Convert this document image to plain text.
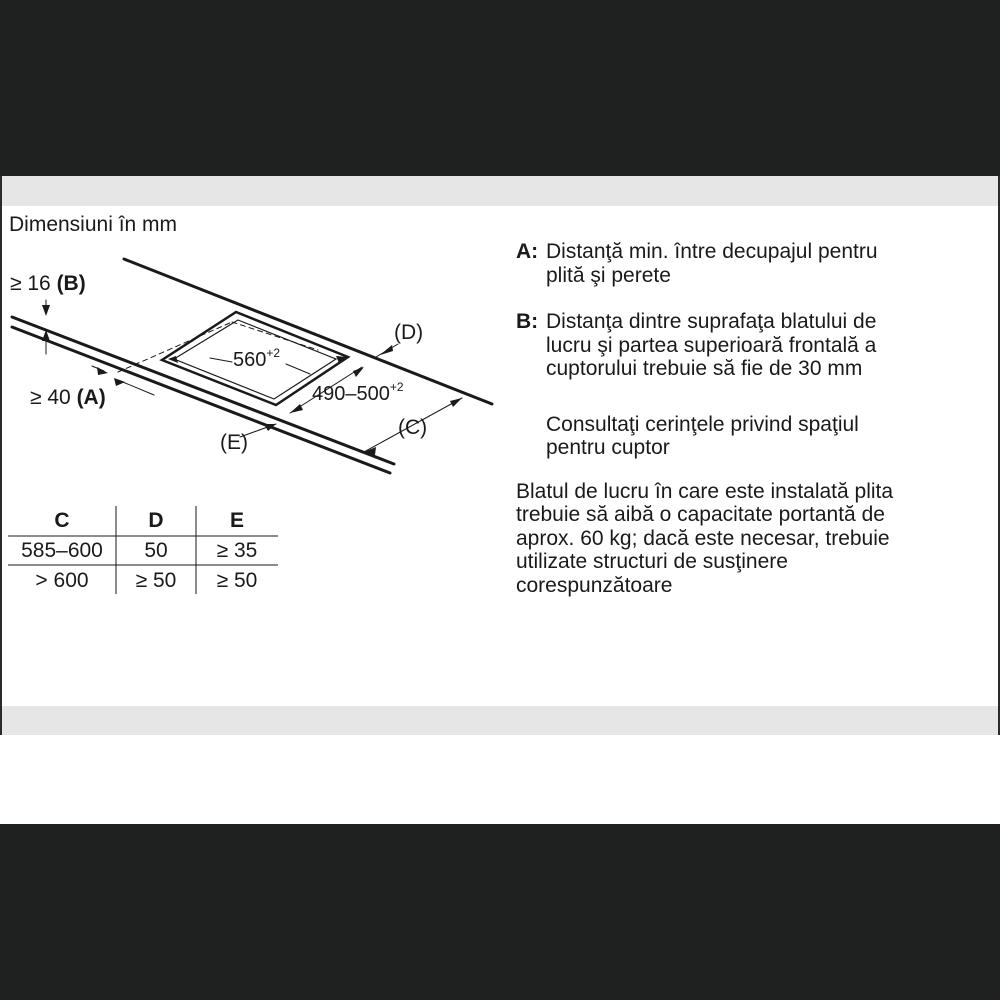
Dimensiuni în mm
≥ 16 (B)
≥ 40 (A)
$560^{+2}$
$490-500^{+2}$
(D)
(C)
(E)
C	D	E
585–600 50 ≥ 35
> 600 ≥ 50 ≥ 50
A: Distanţă min. între decupajul pentru
plită şi perete
B: Distanţa dintre suprafaţa blatului de
lucru şi partea superioară frontală a
cuptorului trebuie să fie de 30 mm
Consultaţi cerinţele privind spaţiul
pentru cuptor
Blatul de lucru în care este instalată plita
trebuie să aibă o capacitate portantă de
aprox. 60 kg; dacă este necesar, trebuie
utilizate structuri de susţinere
corespunzătoare
